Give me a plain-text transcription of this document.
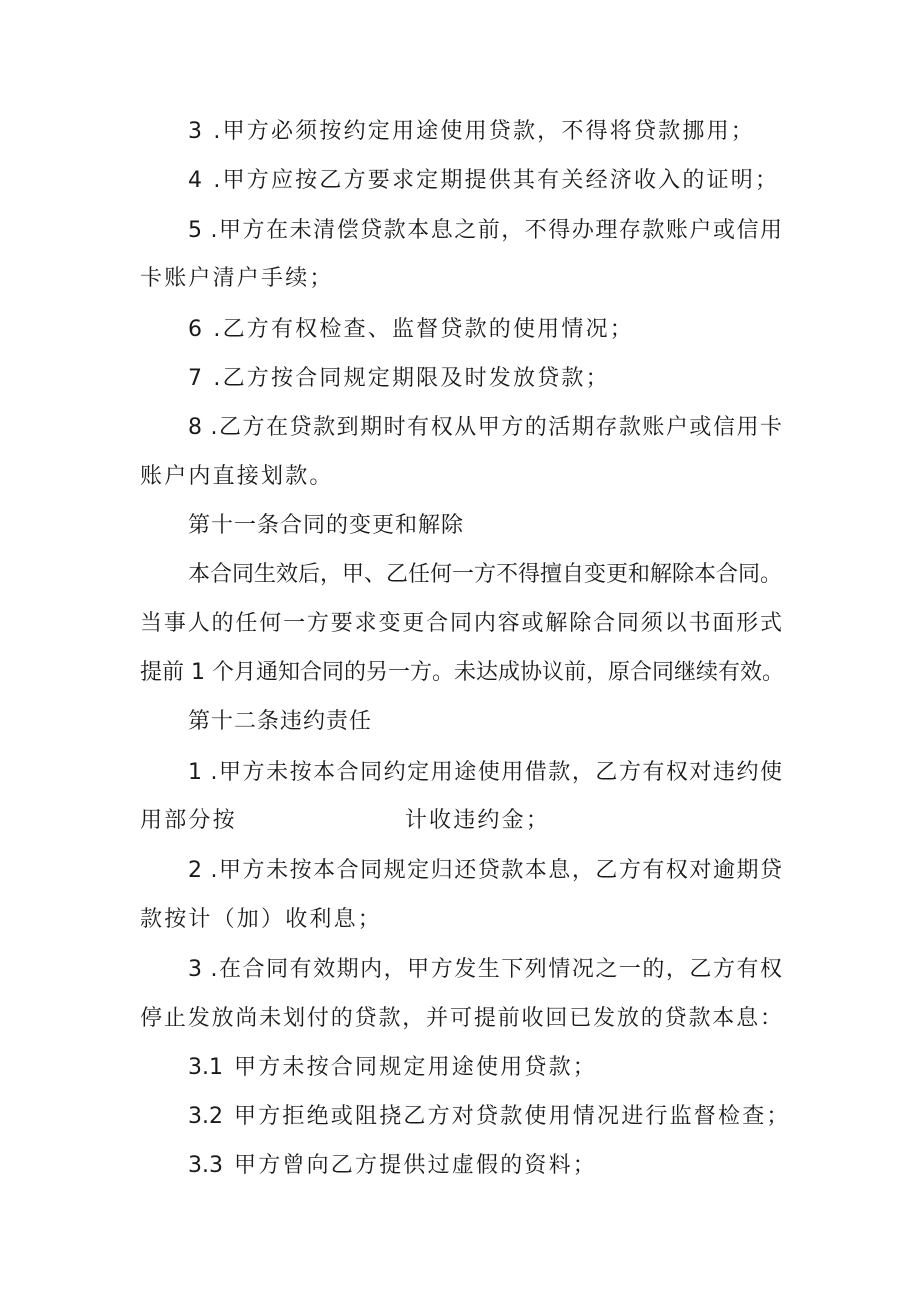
3 .甲方必须按约定用途使用贷款，不得将贷款挪用；
4 .甲方应按乙方要求定期提供其有关经济收入的证明；
5 .甲方在未清偿贷款本息之前，不得办理存款账户或信用
卡账户清户手续；
6 .乙方有权检查、监督贷款的使用情况；
7 .乙方按合同规定期限及时发放贷款；
8 .乙方在贷款到期时有权从甲方的活期存款账户或信用卡
账户内直接划款。
第十一条合同的变更和解除
本合同生效后，甲、乙任何一方不得擅自变更和解除本合同。
当事人的任何一方要求变更合同内容或解除合同须以书面形式
提前 1 个月通知合同的另一方。未达成协议前，原合同继续有效。
第十二条违约责任
1 .甲方未按本合同约定用途使用借款，乙方有权对违约使
用部分按	计收违约金；
2 .甲方未按本合同规定归还贷款本息，乙方有权对逾期贷
款按计（加）收利息；
3 .在合同有效期内，甲方发生下列情况之一的，乙方有权
停止发放尚未划付的贷款，并可提前收回已发放的贷款本息：
3.1 甲方未按合同规定用途使用贷款；
3.2 甲方拒绝或阻挠乙方对贷款使用情况进行监督检查；
3.3 甲方曾向乙方提供过虚假的资料；
